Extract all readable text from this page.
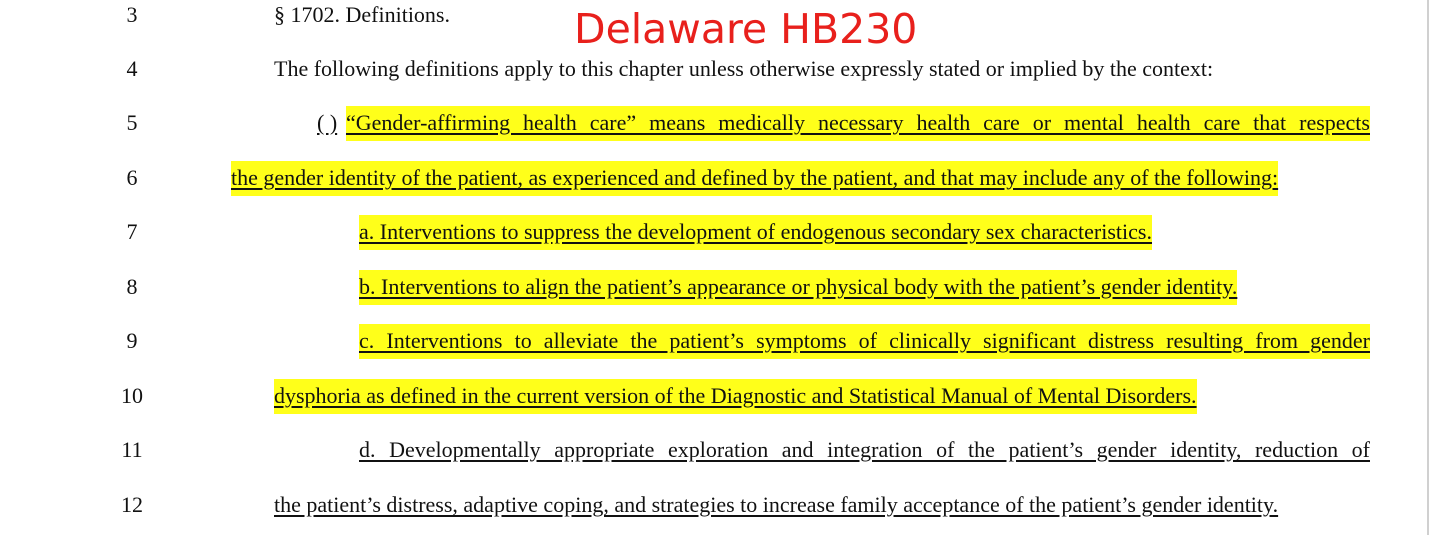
Delaware HB230
3	§ 1702. Definitions.
4	The following definitions apply to this chapter unless otherwise expressly stated or implied by the context:
5	( ) “Gender-affirming health care” means medically necessary health care or mental health care that respects
6	the gender identity of the patient, as experienced and defined by the patient, and that may include any of the following:
7	a. Interventions to suppress the development of endogenous secondary sex characteristics.
8	b. Interventions to align the patient’s appearance or physical body with the patient’s gender identity.
9	c. Interventions to alleviate the patient’s symptoms of clinically significant distress resulting from gender
10	dysphoria as defined in the current version of the Diagnostic and Statistical Manual of Mental Disorders.
11	d. Developmentally appropriate exploration and integration of the patient’s gender identity, reduction of
12	the patient’s distress, adaptive coping, and strategies to increase family acceptance of the patient’s gender identity.
